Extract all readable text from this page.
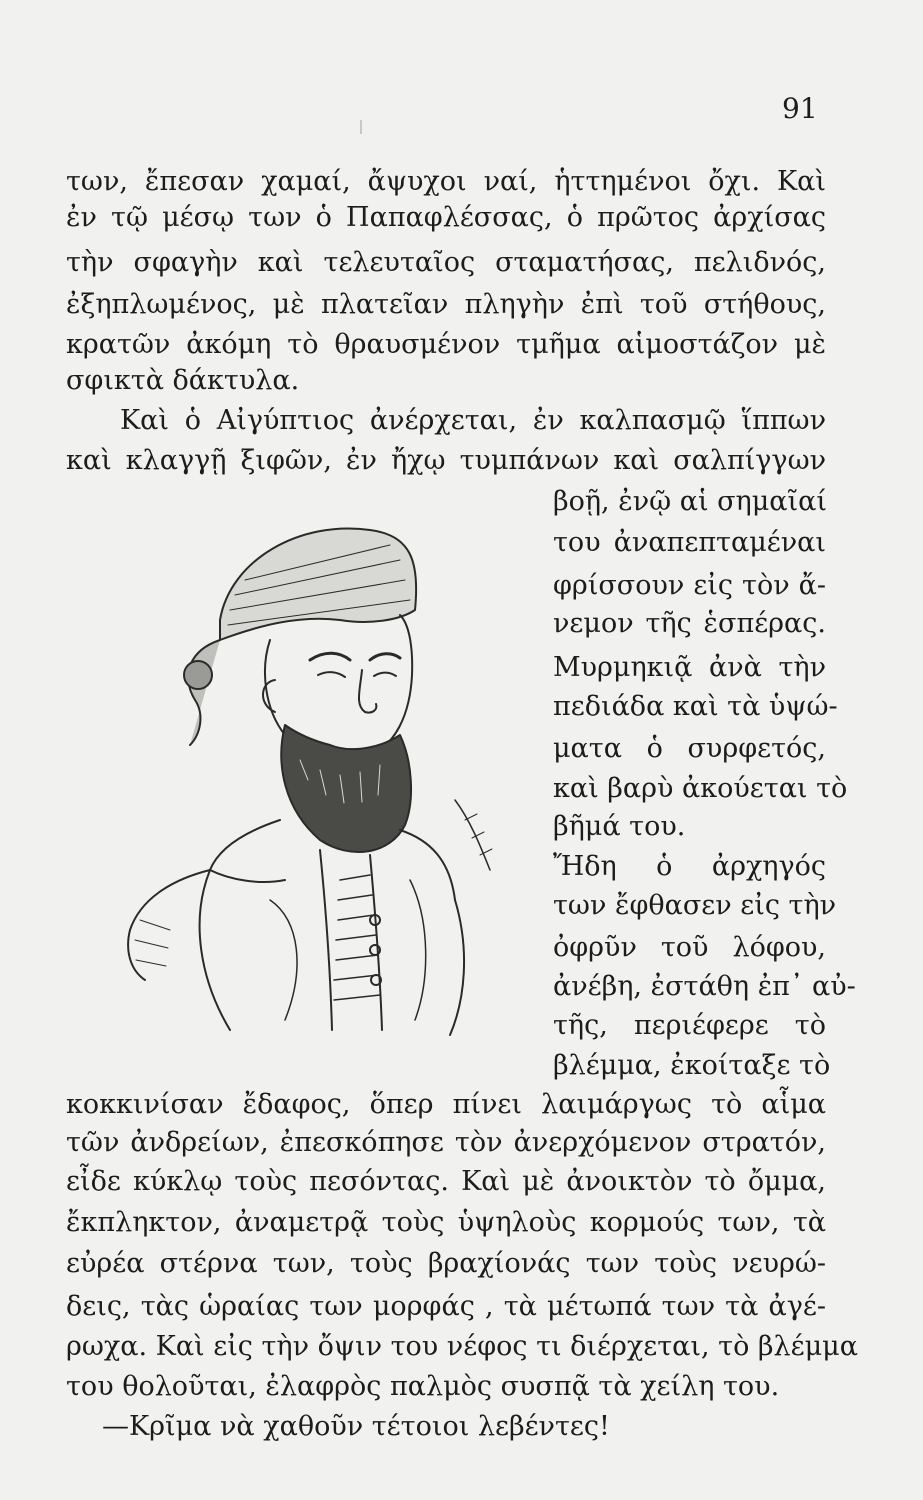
91
των, ἔπεσαν χαμαί, ἄψυχοι ναί, ἡττημένοι ὄχι. Καὶ
ἐν τῷ μέσῳ των ὁ Παπαφλέσσας, ὁ πρῶτος ἀρχίσας
τὴν σφαγὴν καὶ τελευταῖος σταματήσας, πελιδνός,
ἐξηπλωμένος, μὲ πλατεῖαν πληγὴν ἐπὶ τοῦ στήθους,
κρατῶν ἀκόμη τὸ θραυσμένον τμῆμα αἱμοστάζον μὲ
σφικτὰ δάκτυλα.
Καὶ ὁ Αἰγύπτιος ἀνέρχεται, ἐν καλπασμῷ ἵππων
καὶ κλαγγῇ ξιφῶν, ἐν ἤχῳ τυμπάνων καὶ σαλπίγγων
βοῇ, ἐνῷ αἱ σημαῖαί
του ἀναπεπταμέναι
φρίσσουν εἰς τὸν ἄ-
νεμον τῆς ἑσπέρας.
Μυρμηκιᾷ ἀνὰ τὴν
πεδιάδα καὶ τὰ ὑψώ-
ματα ὁ συρφετός,
καὶ βαρὺ ἀκούεται τὸ
βῆμά του.
Ἤδη ὁ ἀρχηγός
των ἔφθασεν εἰς τὴν
ὀφρῦν τοῦ λόφου,
ἀνέβη, ἐστάθη ἐπ᾽ αὐ-
τῆς, περιέφερε τὸ
βλέμμα, ἐκοίταξε τὸ
κοκκινίσαν ἔδαφος, ὅπερ πίνει λαιμάργως τὸ αἷμα
τῶν ἀνδρείων, ἐπεσκόπησε τὸν ἀνερχόμενον στρατόν,
εἶδε κύκλῳ τοὺς πεσόντας. Καὶ μὲ ἀνοικτὸν τὸ ὄμμα,
ἔκπληκτον, ἀναμετρᾷ τοὺς ὑψηλοὺς κορμούς των, τὰ
εὐρέα στέρνα των, τοὺς βραχίονάς των τοὺς νευρώ-
δεις, τὰς ὡραίας των μορφάς , τὰ μέτωπά των τὰ ἀγέ-
ρωχα. Καὶ εἰς τὴν ὄψιν του νέφος τι διέρχεται, τὸ βλέμμα
του θολοῦται, ἐλαφρὸς παλμὸς συσπᾷ τὰ χείλη του.
—Κρῖμα νὰ χαθοῦν τέτοιοι λεβέντες!
